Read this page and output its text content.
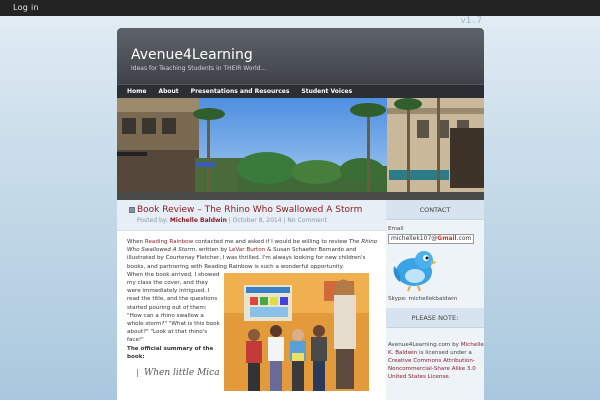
Log in
v1.7
Avenue4Learning
Ideas for Teaching Students in THEIR World...
Home	About	Presentations and Resources	Student Voices
Book Review – The Rhino Who Swallowed A Storm
Posted by: Michelle Baldwin | October 8, 2014 | No Comment

When Reading Rainbow contacted me and asked if I would be willing to review The Rhino Who Swallowed A Storm, written by LeVar Burton & Susan Schaefer Bernardo and illustrated by Courtenay Fletcher, I was thrilled. I'm always looking for new children's books, and partnering with Reading Rainbow is such a wonderful opportunity.

When the book arrived, I showed my class the cover, and they were immediately intrigued. I read the title, and the questions started pouring out of them: "How can a rhino swallow a whole storm?" "What is this book about?" "Look at that rhino's face!"

The official summary of the book:

When little Mica
CONTACT
Email
michellek107@Gmail.com
Skype: michellekbaldwin
PLEASE NOTE:
Avenue4Learning.com by Michelle K. Baldwin is licensed under a Creative Commons Attribution-Noncommercial-Share Alike 3.0 United States License.
